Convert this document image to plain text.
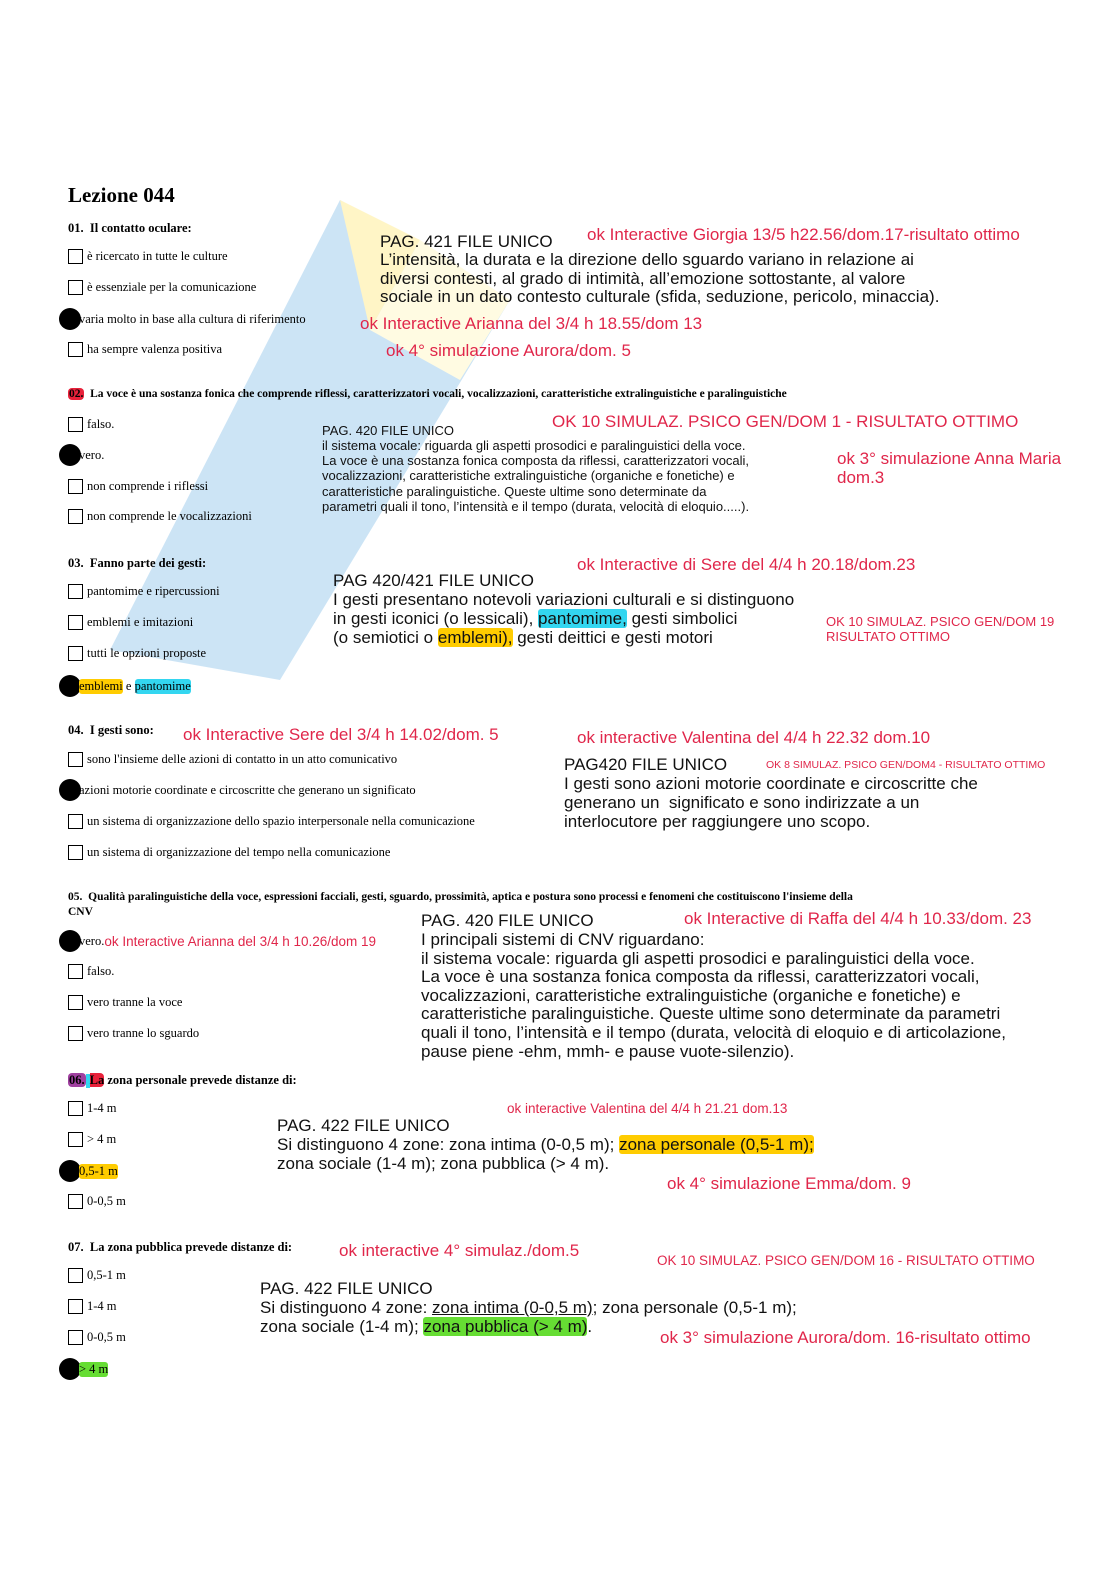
Lezione 044
01. Il contatto oculare:
è ricercato in tutte le culture
è essenziale per la comunicazione
varia molto in base alla cultura di riferimento
ha sempre valenza positiva
PAG. 421 FILE UNICO
L’intensità, la durata e la direzione dello sguardo variano in relazione ai
diversi contesti, al grado di intimità, all’emozione sottostante, al valore
sociale in un dato contesto culturale (sfida, seduzione, pericolo, minaccia).
ok Interactive Giorgia 13/5 h22.56/dom.17-risultato ottimo
ok Interactive Arianna del 3/4 h 18.55/dom 13
ok 4° simulazione Aurora/dom. 5
02. La voce è una sostanza fonica che comprende riflessi, caratterizzatori vocali, vocalizzazioni, caratteristiche extralinguistiche e paralinguistiche
falso.
vero.
non comprende i riflessi
non comprende le vocalizzazioni
PAG. 420 FILE UNICO
il sistema vocale: riguarda gli aspetti prosodici e paralinguistici della voce.
La voce è una sostanza fonica composta da riflessi, caratterizzatori vocali,
vocalizzazioni, caratteristiche extralinguistiche (organiche e fonetiche) e
caratteristiche paralinguistiche. Queste ultime sono determinate da
parametri quali il tono, l’intensità e il tempo (durata, velocità di eloquio.....).
OK 10 SIMULAZ. PSICO GEN/DOM 1 - RISULTATO OTTIMO
ok 3° simulazione Anna Maria
dom.3
03. Fanno parte dei gesti:
pantomime e ripercussioni
emblemi e imitazioni
tutti le opzioni proposte
emblemi e pantomime
PAG 420/421 FILE UNICO
I gesti presentano notevoli variazioni culturali e si distinguono
in gesti iconici (o lessicali), pantomime, gesti simbolici
(o semiotici o emblemi), gesti deittici e gesti motori
ok Interactive di Sere del 4/4 h 20.18/dom.23
OK 10 SIMULAZ. PSICO GEN/DOM 19
RISULTATO OTTIMO
04. I gesti sono:
sono l'insieme delle azioni di contatto in un atto comunicativo
azioni motorie coordinate e circoscritte che generano un significato
un sistema di organizzazione dello spazio interpersonale nella comunicazione
un sistema di organizzazione del tempo nella comunicazione
ok Interactive Sere del 3/4 h 14.02/dom. 5	ok interactive Valentina del 4/4 h 22.32 dom.10
PAG420 FILE UNICO	OK 8 SIMULAZ. PSICO GEN/DOM4 - RISULTATO OTTIMO
I gesti sono azioni motorie coordinate e circoscritte che
generano un  significato e sono indirizzate a un
interlocutore per raggiungere uno scopo.
05. Qualità paralinguistiche della voce, espressioni facciali, gesti, sguardo, prossimità, aptica e postura sono processi e fenomeni che costituiscono l'insieme della
CNV
vero. ok Interactive Arianna del 3/4 h 10.26/dom 19
falso.
vero tranne la voce
vero tranne lo sguardo
PAG. 420 FILE UNICO	ok Interactive di Raffa del 4/4 h 10.33/dom. 23
I principali sistemi di CNV riguardano:
il sistema vocale: riguarda gli aspetti prosodici e paralinguistici della voce.
La voce è una sostanza fonica composta da riflessi, caratterizzatori vocali,
vocalizzazioni, caratteristiche extralinguistiche (organiche e fonetiche) e
caratteristiche paralinguistiche. Queste ultime sono determinate da parametri
quali il tono, l’intensità e il tempo (durata, velocità di eloquio e di articolazione,
pause piene -ehm, mmh- e pause vuote-silenzio).
06. La zona personale prevede distanze di:
1-4 m
> 4 m
0,5-1 m
0-0,5 m
ok interactive Valentina del 4/4 h 21.21 dom.13
PAG. 422 FILE UNICO
Si distinguono 4 zone: zona intima (0-0,5 m); zona personale (0,5-1 m);
zona sociale (1-4 m); zona pubblica (> 4 m).
ok 4° simulazione Emma/dom. 9
07. La zona pubblica prevede distanze di:	ok interactive 4° simulaz./dom.5
OK 10 SIMULAZ. PSICO GEN/DOM 16 - RISULTATO OTTIMO
0,5-1 m
1-4 m
0-0,5 m
> 4 m
PAG. 422 FILE UNICO
Si distinguono 4 zone: zona intima (0-0,5 m); zona personale (0,5-1 m);
zona sociale (1-4 m); zona pubblica (> 4 m).
ok 3° simulazione Aurora/dom. 16-risultato ottimo
